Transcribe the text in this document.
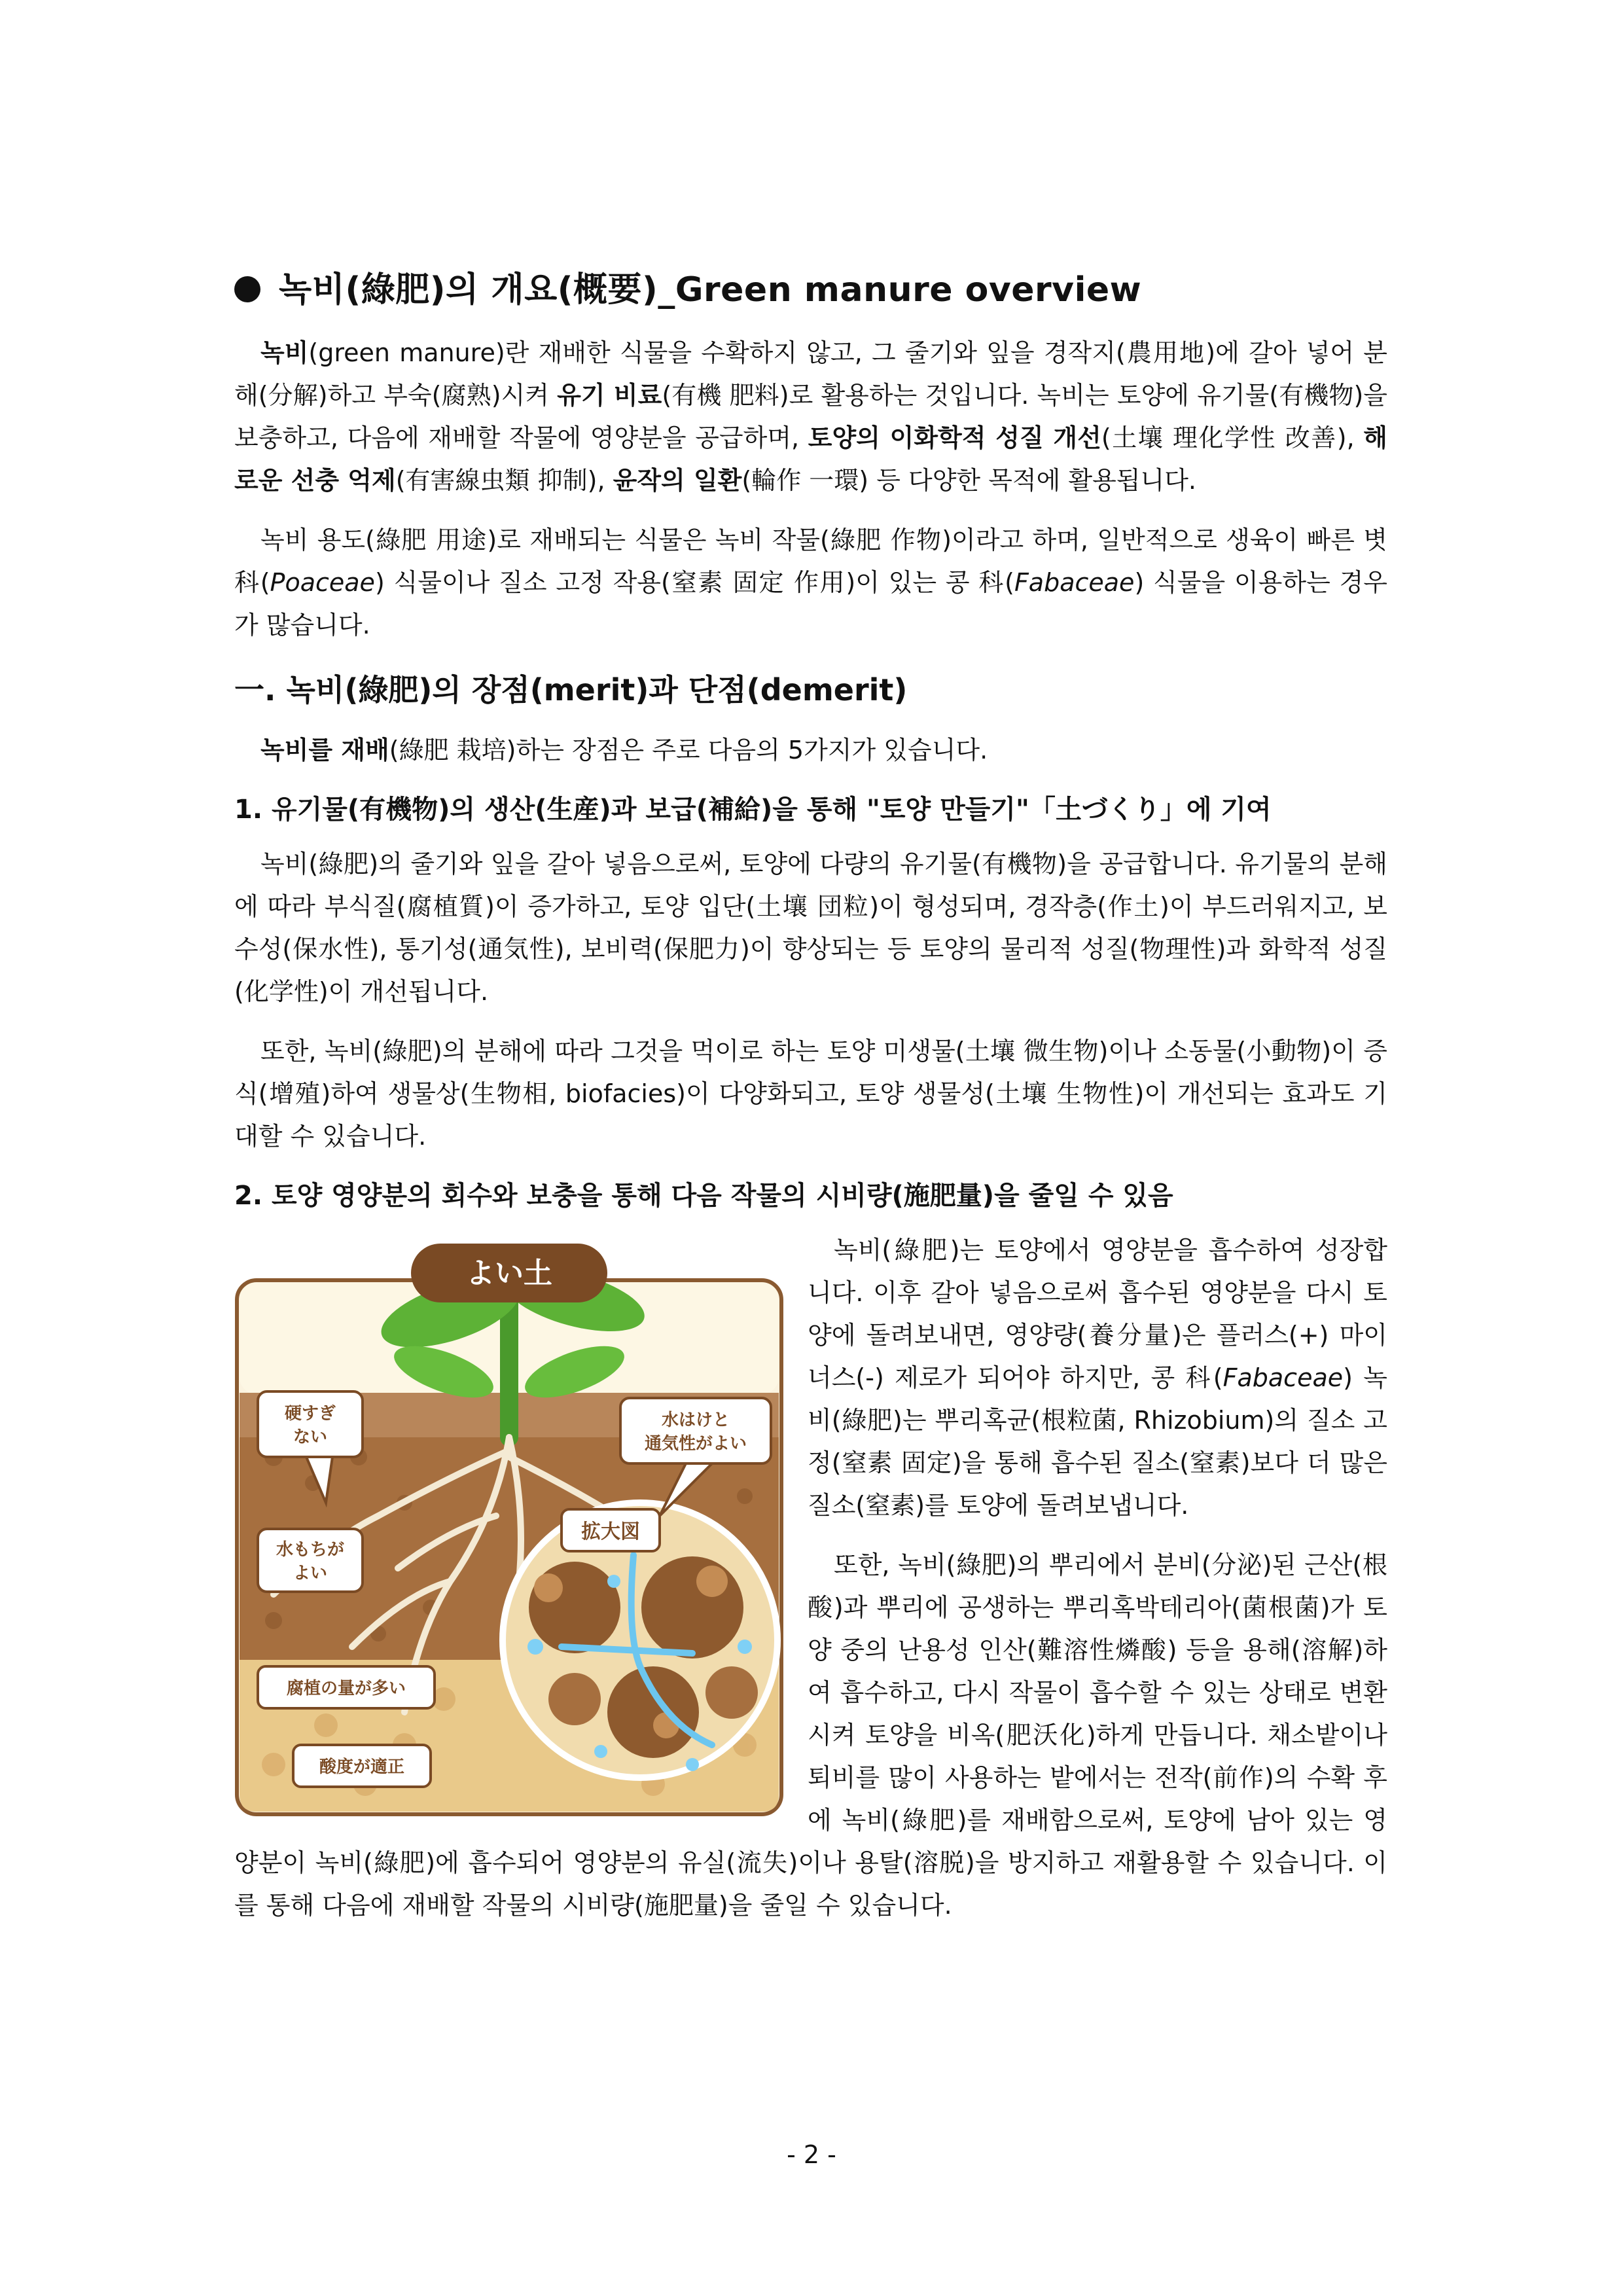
녹비(綠肥)의 개요(概要)_Green manure overview

녹비(green manure)란 재배한 식물을 수확하지 않고, 그 줄기와 잎을 경작지(農用地)에 갈아 넣어 분해(分解)하고 부숙(腐熟)시켜 유기 비료(有機 肥料)로 활용하는 것입니다. 녹비는 토양에 유기물(有機物)을 보충하고, 다음에 재배할 작물에 영양분을 공급하며, 토양의 이화학적 성질 개선(土壤 理化学性 改善), 해로운 선충 억제(有害線虫類 抑制), 윤작의 일환(輪作 一環) 등 다양한 목적에 활용됩니다.

녹비 용도(綠肥 用途)로 재배되는 식물은 녹비 작물(綠肥 作物)이라고 하며, 일반적으로 생육이 빠른 볏 科(Poaceae) 식물이나 질소 고정 작용(窒素 固定 作用)이 있는 콩 科(Fabaceae) 식물을 이용하는 경우가 많습니다.

一. 녹비(綠肥)의 장점(merit)과 단점(demerit)

녹비를 재배(綠肥 栽培)하는 장점은 주로 다음의 5가지가 있습니다.

1. 유기물(有機物)의 생산(生産)과 보급(補給)을 통해 "토양 만들기"「土づくり」에 기여

녹비(綠肥)의 줄기와 잎을 갈아 넣음으로써, 토양에 다량의 유기물(有機物)을 공급합니다. 유기물의 분해에 따라 부식질(腐植質)이 증가하고, 토양 입단(土壤 団粒)이 형성되며, 경작층(作土)이 부드러워지고, 보수성(保水性), 통기성(通気性), 보비력(保肥力)이 향상되는 등 토양의 물리적 성질(物理性)과 화학적 성질(化学性)이 개선됩니다.

또한, 녹비(綠肥)의 분해에 따라 그것을 먹이로 하는 토양 미생물(土壤 微生物)이나 소동물(小動物)이 증식(增殖)하여 생물상(生物相, biofacies)이 다양화되고, 토양 생물성(土壤 生物性)이 개선되는 효과도 기대할 수 있습니다.

2. 토양 영양분의 회수와 보충을 통해 다음 작물의 시비량(施肥量)을 줄일 수 있음
よい土
硬すぎ
ない
水はけと
通気性がよい
水もちが
よい
拡大図
腐植の量が多い
酸度が適正

녹비(綠肥)는 토양에서 영양분을 흡수하여 성장합니다. 이후 갈아 넣음으로써 흡수된 영양분을 다시 토양에 돌려보내면, 영양량(養分量)은 플러스(+) 마이너스(-) 제로가 되어야 하지만, 콩 科(Fabaceae) 녹비(綠肥)는 뿌리혹균(根粒菌, Rhizobium)의 질소 고정(窒素 固定)을 통해 흡수된 질소(窒素)보다 더 많은 질소(窒素)를 토양에 돌려보냅니다.

또한, 녹비(綠肥)의 뿌리에서 분비(分泌)된 근산(根酸)과 뿌리에 공생하는 뿌리혹박테리아(菌根菌)가 토양 중의 난용성 인산(難溶性燐酸) 등을 용해(溶解)하여 흡수하고, 다시 작물이 흡수할 수 있는 상태로 변환시켜 토양을 비옥(肥沃化)하게 만듭니다. 채소밭이나 퇴비를 많이 사용하는 밭에서는 전작(前作)의 수확 후에 녹비(綠肥)를 재배함으로써, 토양에 남아 있는 영양분이 녹비(綠肥)에 흡수되어 영양분의 유실(流失)이나 용탈(溶脱)을 방지하고 재활용할 수 있습니다. 이를 통해 다음에 재배할 작물의 시비량(施肥量)을 줄일 수 있습니다.

- 2 -
